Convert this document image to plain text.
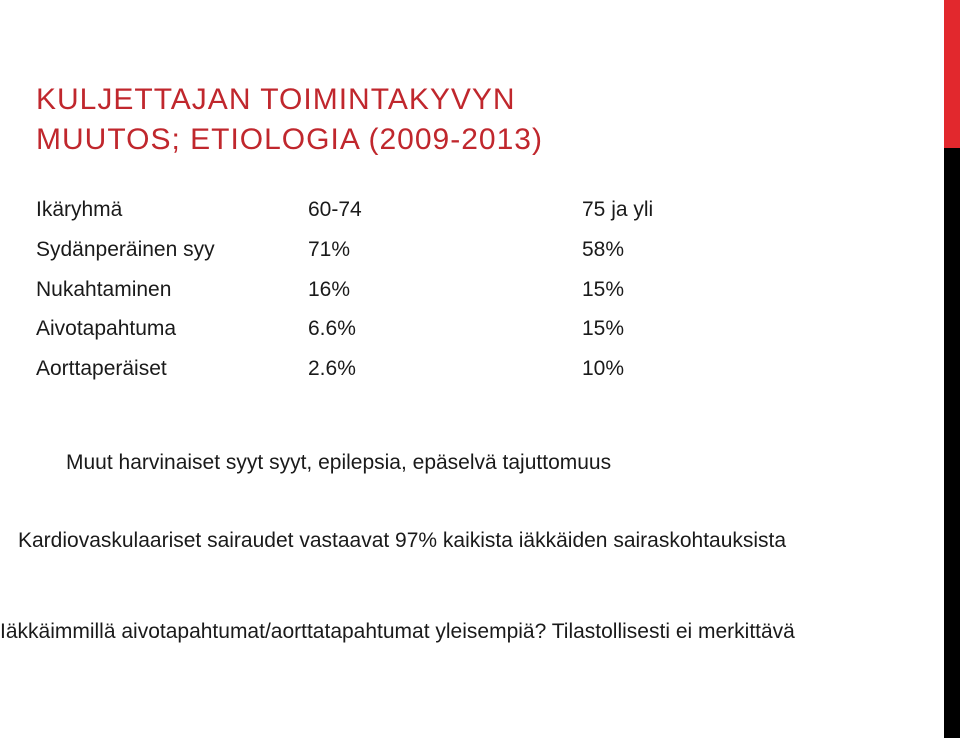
KULJETTAJAN TOIMINTAKYVYN
MUUTOS; ETIOLOGIA (2009-2013)
Ikäryhmä	60-74	75 ja yli
Sydänperäinen syy	71%	58%
Nukahtaminen	16%	15%
Aivotapahtuma	6.6%	15%
Aorttaperäiset	2.6%	10%
Muut harvinaiset syyt syyt, epilepsia, epäselvä tajuttomuus
Kardiovaskulaariset sairaudet vastaavat 97% kaikista iäkkäiden sairaskohtauksista
Iäkkäimmillä aivotapahtumat/aorttatapahtumat yleisempiä? Tilastollisesti ei merkittävä
